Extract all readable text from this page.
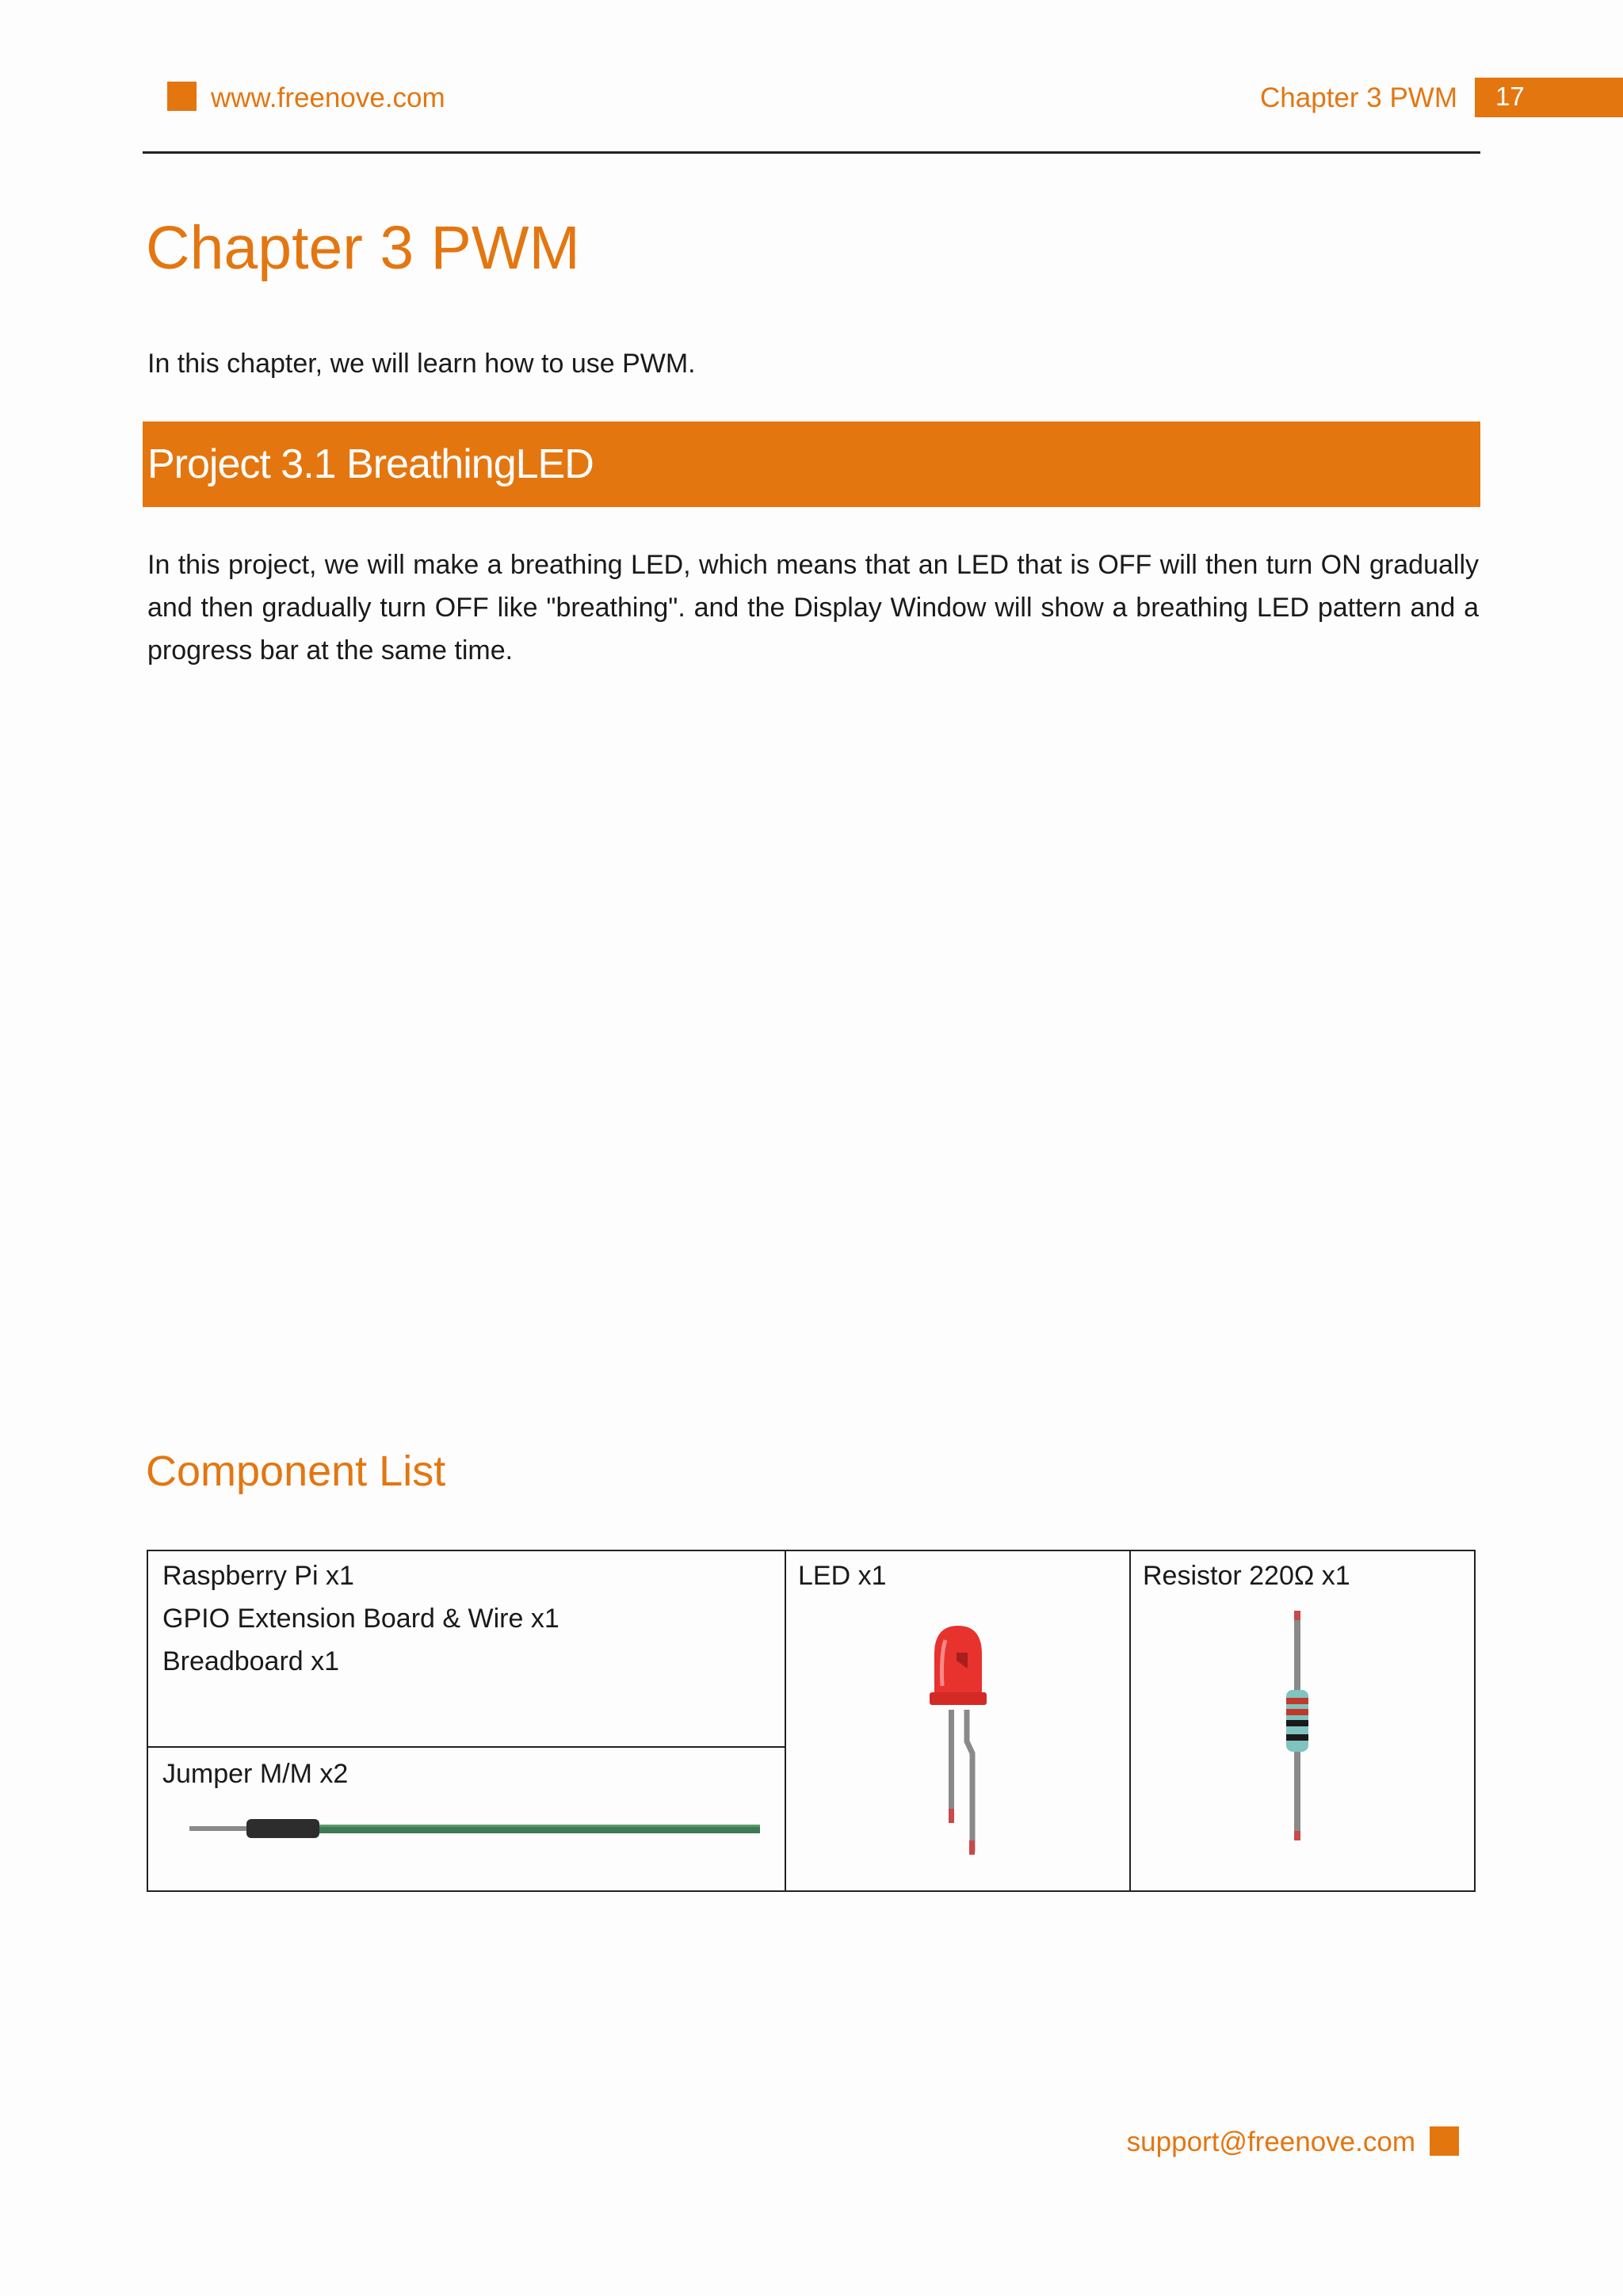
www.freenove.com	Chapter 3 PWM 17
Chapter 3 PWM

In this chapter, we will learn how to use PWM.

Project 3.1 BreathingLED

In this project, we will make a breathing LED, which means that an LED that is OFF will then turn ON gradually and then gradually turn OFF like "breathing". and the Display Window will show a breathing LED pattern and a progress bar at the same time.

Component List
Raspberry Pi x1
GPIO Extension Board & Wire x1
Breadboard x1
Jumper M/M x2
LED x1	Resistor 220Ω x1
support@freenove.com
